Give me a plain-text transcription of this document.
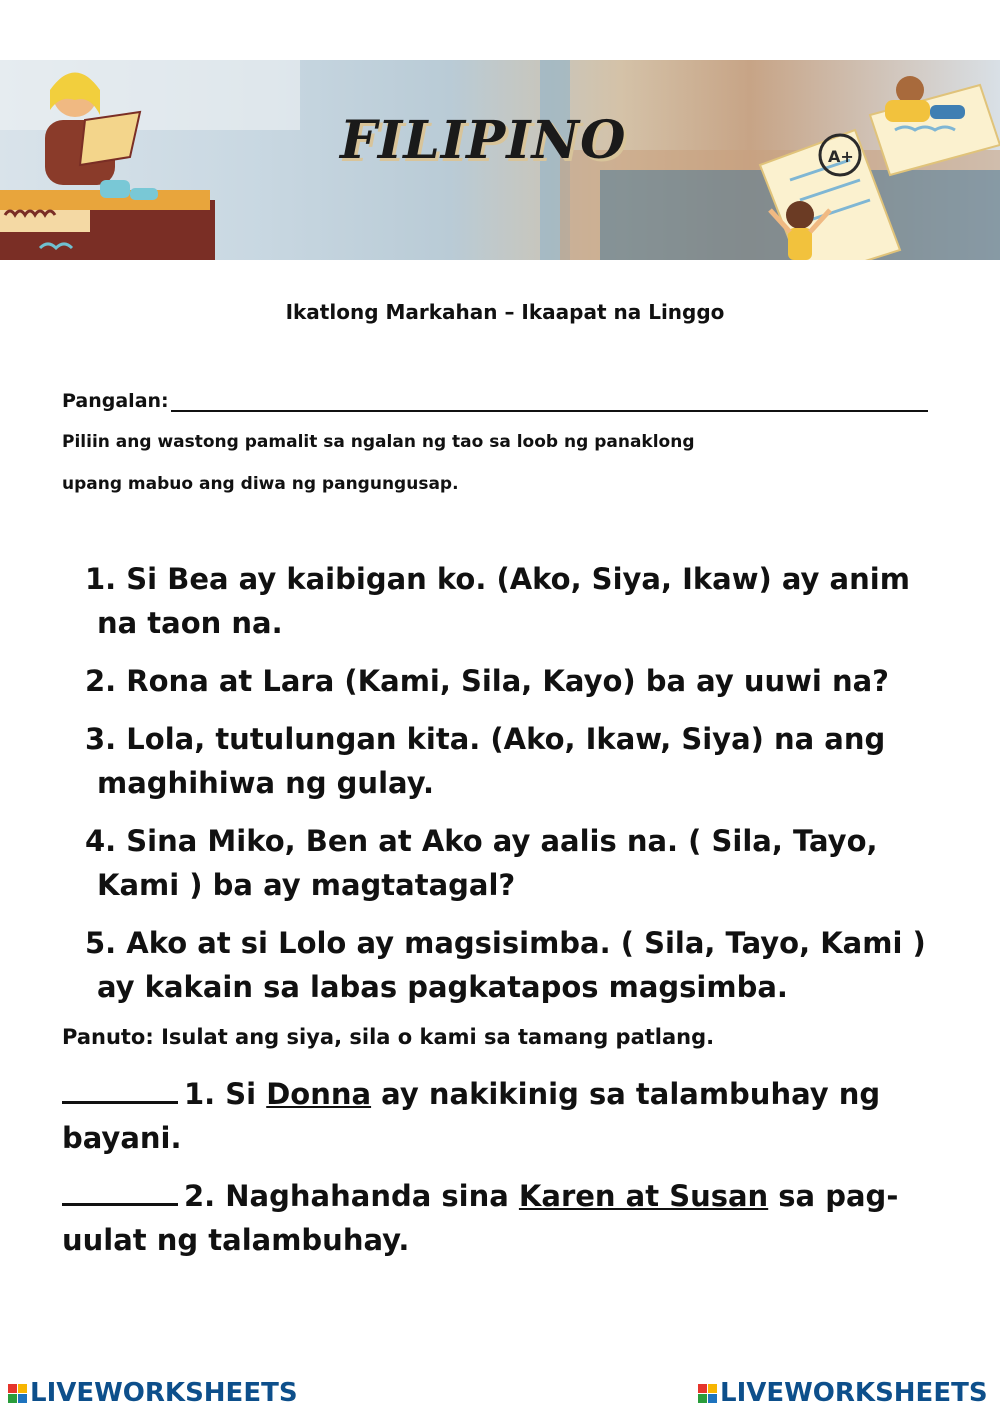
A+
FILIPINO
Ikatlong Markahan – Ikaapat na Linggo
Pangalan:
Piliin ang wastong pamalit sa ngalan ng tao sa loob ng panaklong
upang mabuo ang diwa ng pangungusap.
1. Si Bea ay kaibigan ko. (Ako, Siya, Ikaw) ay anim
na taon na.
2. Rona at Lara (Kami, Sila, Kayo) ba ay uuwi na?
3. Lola, tutulungan kita. (Ako, Ikaw, Siya) na ang
maghihiwa ng gulay.
4. Sina Miko, Ben at Ako ay aalis na. ( Sila, Tayo,
Kami ) ba ay magtatagal?
5. Ako at si Lolo ay magsisimba. ( Sila, Tayo, Kami )
ay kakain sa labas pagkatapos magsimba.
Panuto: Isulat ang siya, sila o kami sa tamang patlang.
1. Si Donna ay nakikinig sa talambuhay ng
bayani.
2. Naghahanda sina Karen at Susan sa pag-
uulat ng talambuhay.
LIVEWORKSHEETS	LIVEWORKSHEETS
